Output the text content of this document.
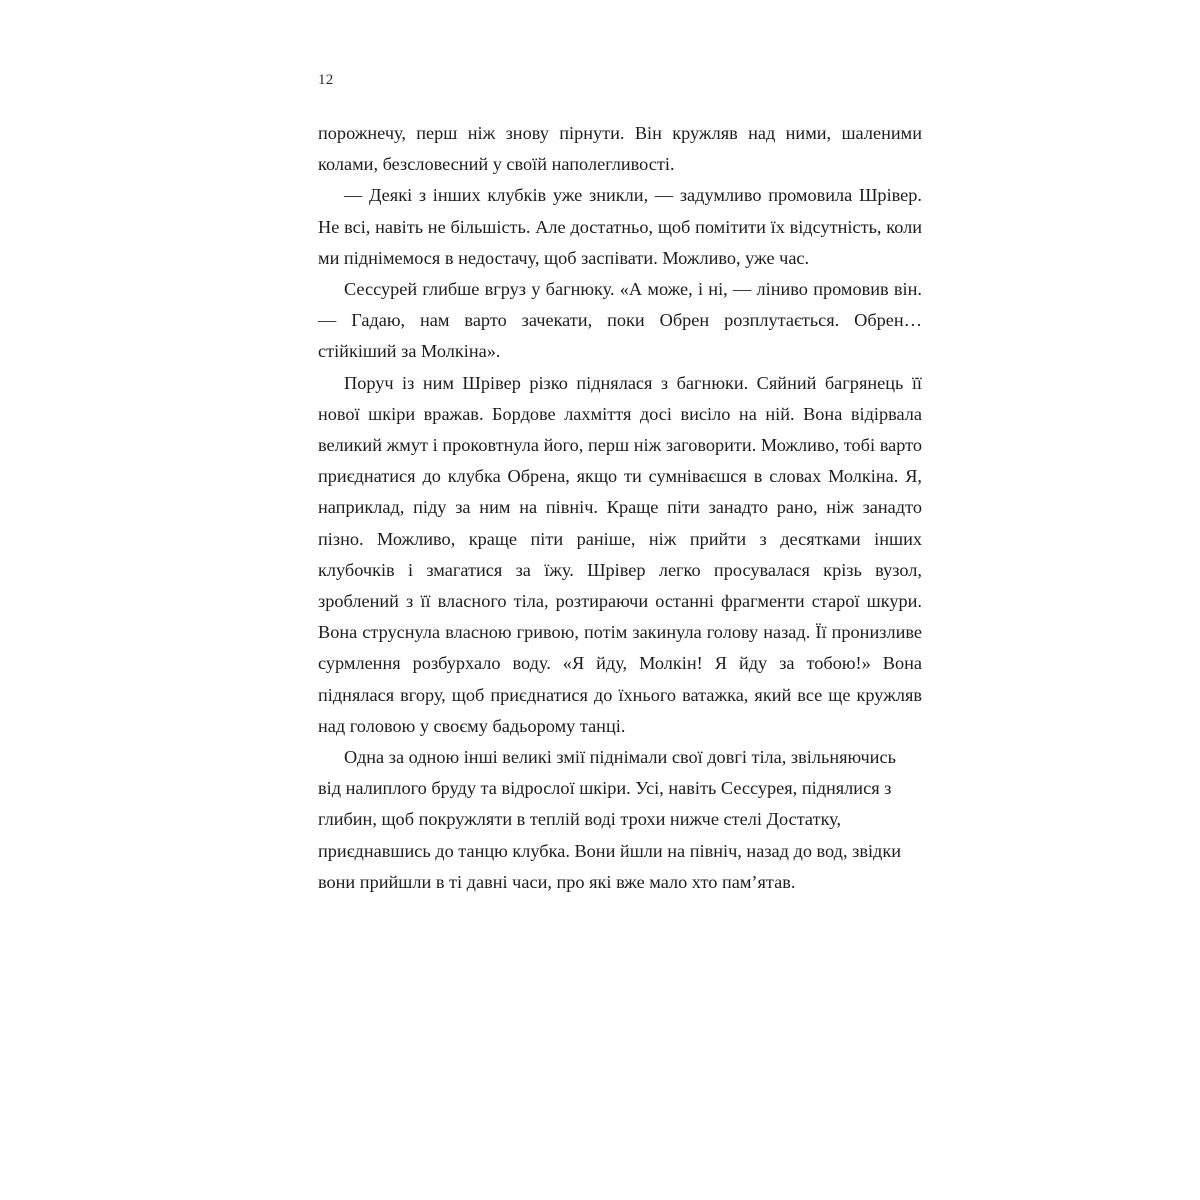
12

порожнечу, перш ніж знову пірнути. Він кружляв над ними, шаленими колами, безсловесний у своїй наполегливості.

— Деякі з інших клубків уже зникли, — задумливо промовила Шрівер. Не всі, навіть не більшість. Але достатньо, щоб помітити їх відсутність, коли ми піднімемося в недостачу, щоб заспівати. Можливо, уже час.

Сессурей глибше вгруз у багнюку. «А може, і ні, — ліниво промовив він. — Гадаю, нам варто зачекати, поки Обрен розплутається. Обрен… стійкіший за Молкіна».

Поруч із ним Шрівер різко піднялася з багнюки. Сяйний багрянець її нової шкіри вражав. Бордове лахміття досі висіло на ній. Вона відірвала великий жмут і проковтнула його, перш ніж заговорити. Можливо, тобі варто приєднатися до клубка Обрена, якщо ти сумніваєшся в словах Молкіна. Я, наприклад, піду за ним на північ. Краще піти занадто рано, ніж занадто пізно. Можливо, краще піти раніше, ніж прийти з десятками інших клубочків і змагатися за їжу. Шрівер легко просувалася крізь вузол, зроблений з її власного тіла, розтираючи останні фрагменти старої шкури. Вона струснула власною гривою, потім закинула голову назад. Її пронизливе сурмлення розбурхало воду. «Я йду, Молкін! Я йду за тобою!» Вона піднялася вгору, щоб приєднатися до їхнього ватажка, який все ще кружляв над головою у своєму бадьорому танці.

Одна за одною інші великі змії піднімали свої довгі тіла, звільняючись від налиплого бруду та відрослої шкіри. Усі, навіть Сессурея, піднялися з глибин, щоб покружляти в теплій воді трохи нижче стелі Достатку, приєднавшись до танцю клубка. Вони йшли на північ, назад до вод, звідки вони прийшли в ті давні часи, про які вже мало хто пам’ятав.
